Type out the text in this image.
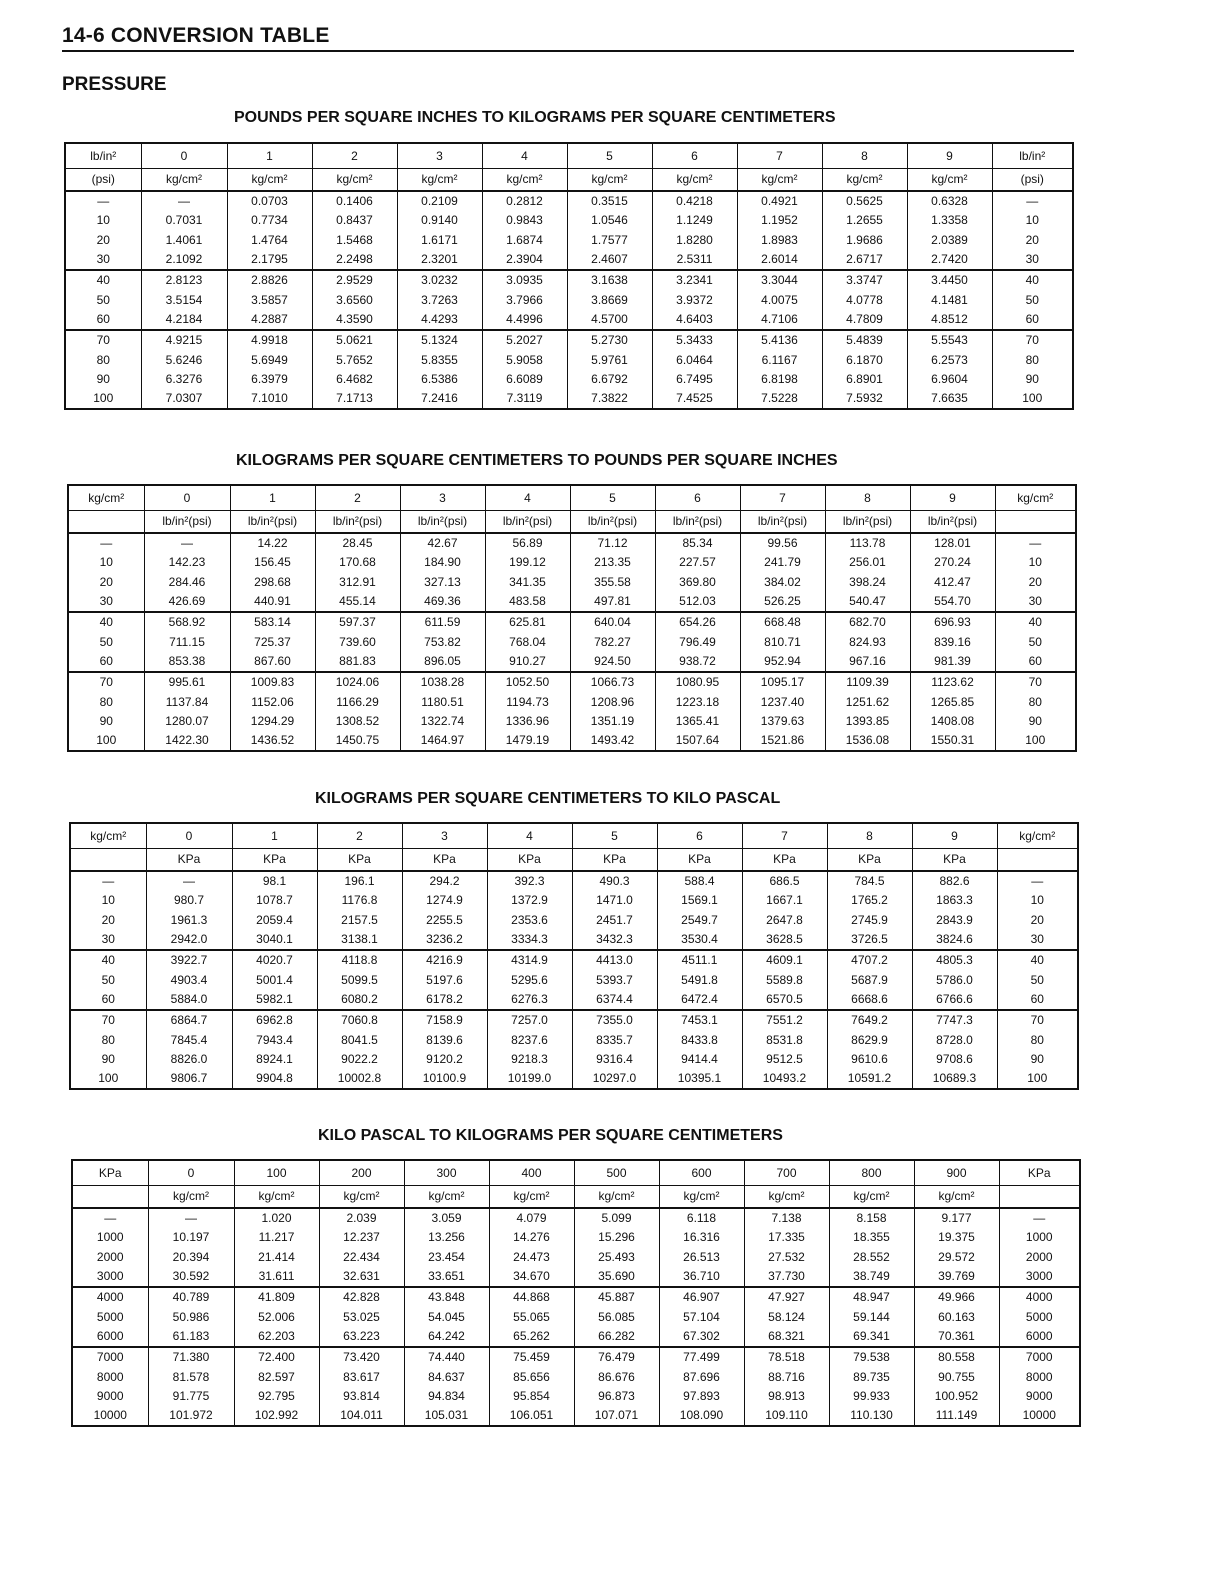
14-6 CONVERSION TABLE
PRESSURE
POUNDS PER SQUARE INCHES TO KILOGRAMS PER SQUARE CENTIMETERS
lb/in²	0	1	2	3	4	5	6	7	8	9	lb/in²
(psi)	kg/cm²	kg/cm²	kg/cm²	kg/cm²	kg/cm²	kg/cm²	kg/cm²	kg/cm²	kg/cm²	kg/cm²	(psi)
—	—	0.0703	0.1406	0.2109	0.2812	0.3515	0.4218	0.4921	0.5625	0.6328	—
10	0.7031	0.7734	0.8437	0.9140	0.9843	1.0546	1.1249	1.1952	1.2655	1.3358	10
20	1.4061	1.4764	1.5468	1.6171	1.6874	1.7577	1.8280	1.8983	1.9686	2.0389	20
30	2.1092	2.1795	2.2498	2.3201	2.3904	2.4607	2.5311	2.6014	2.6717	2.7420	30
40	2.8123	2.8826	2.9529	3.0232	3.0935	3.1638	3.2341	3.3044	3.3747	3.4450	40
50	3.5154	3.5857	3.6560	3.7263	3.7966	3.8669	3.9372	4.0075	4.0778	4.1481	50
60	4.2184	4.2887	4.3590	4.4293	4.4996	4.5700	4.6403	4.7106	4.7809	4.8512	60
70	4.9215	4.9918	5.0621	5.1324	5.2027	5.2730	5.3433	5.4136	5.4839	5.5543	70
80	5.6246	5.6949	5.7652	5.8355	5.9058	5.9761	6.0464	6.1167	6.1870	6.2573	80
90	6.3276	6.3979	6.4682	6.5386	6.6089	6.6792	6.7495	6.8198	6.8901	6.9604	90
100	7.0307	7.1010	7.1713	7.2416	7.3119	7.3822	7.4525	7.5228	7.5932	7.6635	100
KILOGRAMS PER SQUARE CENTIMETERS TO POUNDS PER SQUARE INCHES
kg/cm²	0	1	2	3	4	5	6	7	8	9	kg/cm²
	lb/in²(psi)	lb/in²(psi)	lb/in²(psi)	lb/in²(psi)	lb/in²(psi)	lb/in²(psi)	lb/in²(psi)	lb/in²(psi)	lb/in²(psi)	lb/in²(psi)	
—	—	14.22	28.45	42.67	56.89	71.12	85.34	99.56	113.78	128.01	—
10	142.23	156.45	170.68	184.90	199.12	213.35	227.57	241.79	256.01	270.24	10
20	284.46	298.68	312.91	327.13	341.35	355.58	369.80	384.02	398.24	412.47	20
30	426.69	440.91	455.14	469.36	483.58	497.81	512.03	526.25	540.47	554.70	30
40	568.92	583.14	597.37	611.59	625.81	640.04	654.26	668.48	682.70	696.93	40
50	711.15	725.37	739.60	753.82	768.04	782.27	796.49	810.71	824.93	839.16	50
60	853.38	867.60	881.83	896.05	910.27	924.50	938.72	952.94	967.16	981.39	60
70	995.61	1009.83	1024.06	1038.28	1052.50	1066.73	1080.95	1095.17	1109.39	1123.62	70
80	1137.84	1152.06	1166.29	1180.51	1194.73	1208.96	1223.18	1237.40	1251.62	1265.85	80
90	1280.07	1294.29	1308.52	1322.74	1336.96	1351.19	1365.41	1379.63	1393.85	1408.08	90
100	1422.30	1436.52	1450.75	1464.97	1479.19	1493.42	1507.64	1521.86	1536.08	1550.31	100
KILOGRAMS PER SQUARE CENTIMETERS TO KILO PASCAL
kg/cm²	0	1	2	3	4	5	6	7	8	9	kg/cm²
	KPa	KPa	KPa	KPa	KPa	KPa	KPa	KPa	KPa	KPa	
—	—	98.1	196.1	294.2	392.3	490.3	588.4	686.5	784.5	882.6	—
10	980.7	1078.7	1176.8	1274.9	1372.9	1471.0	1569.1	1667.1	1765.2	1863.3	10
20	1961.3	2059.4	2157.5	2255.5	2353.6	2451.7	2549.7	2647.8	2745.9	2843.9	20
30	2942.0	3040.1	3138.1	3236.2	3334.3	3432.3	3530.4	3628.5	3726.5	3824.6	30
40	3922.7	4020.7	4118.8	4216.9	4314.9	4413.0	4511.1	4609.1	4707.2	4805.3	40
50	4903.4	5001.4	5099.5	5197.6	5295.6	5393.7	5491.8	5589.8	5687.9	5786.0	50
60	5884.0	5982.1	6080.2	6178.2	6276.3	6374.4	6472.4	6570.5	6668.6	6766.6	60
70	6864.7	6962.8	7060.8	7158.9	7257.0	7355.0	7453.1	7551.2	7649.2	7747.3	70
80	7845.4	7943.4	8041.5	8139.6	8237.6	8335.7	8433.8	8531.8	8629.9	8728.0	80
90	8826.0	8924.1	9022.2	9120.2	9218.3	9316.4	9414.4	9512.5	9610.6	9708.6	90
100	9806.7	9904.8	10002.8	10100.9	10199.0	10297.0	10395.1	10493.2	10591.2	10689.3	100
KILO PASCAL TO KILOGRAMS PER SQUARE CENTIMETERS
KPa	0	100	200	300	400	500	600	700	800	900	KPa
	kg/cm²	kg/cm²	kg/cm²	kg/cm²	kg/cm²	kg/cm²	kg/cm²	kg/cm²	kg/cm²	kg/cm²	
—	—	1.020	2.039	3.059	4.079	5.099	6.118	7.138	8.158	9.177	—
1000	10.197	11.217	12.237	13.256	14.276	15.296	16.316	17.335	18.355	19.375	1000
2000	20.394	21.414	22.434	23.454	24.473	25.493	26.513	27.532	28.552	29.572	2000
3000	30.592	31.611	32.631	33.651	34.670	35.690	36.710	37.730	38.749	39.769	3000
4000	40.789	41.809	42.828	43.848	44.868	45.887	46.907	47.927	48.947	49.966	4000
5000	50.986	52.006	53.025	54.045	55.065	56.085	57.104	58.124	59.144	60.163	5000
6000	61.183	62.203	63.223	64.242	65.262	66.282	67.302	68.321	69.341	70.361	6000
7000	71.380	72.400	73.420	74.440	75.459	76.479	77.499	78.518	79.538	80.558	7000
8000	81.578	82.597	83.617	84.637	85.656	86.676	87.696	88.716	89.735	90.755	8000
9000	91.775	92.795	93.814	94.834	95.854	96.873	97.893	98.913	99.933	100.952	9000
10000	101.972	102.992	104.011	105.031	106.051	107.071	108.090	109.110	110.130	111.149	10000
